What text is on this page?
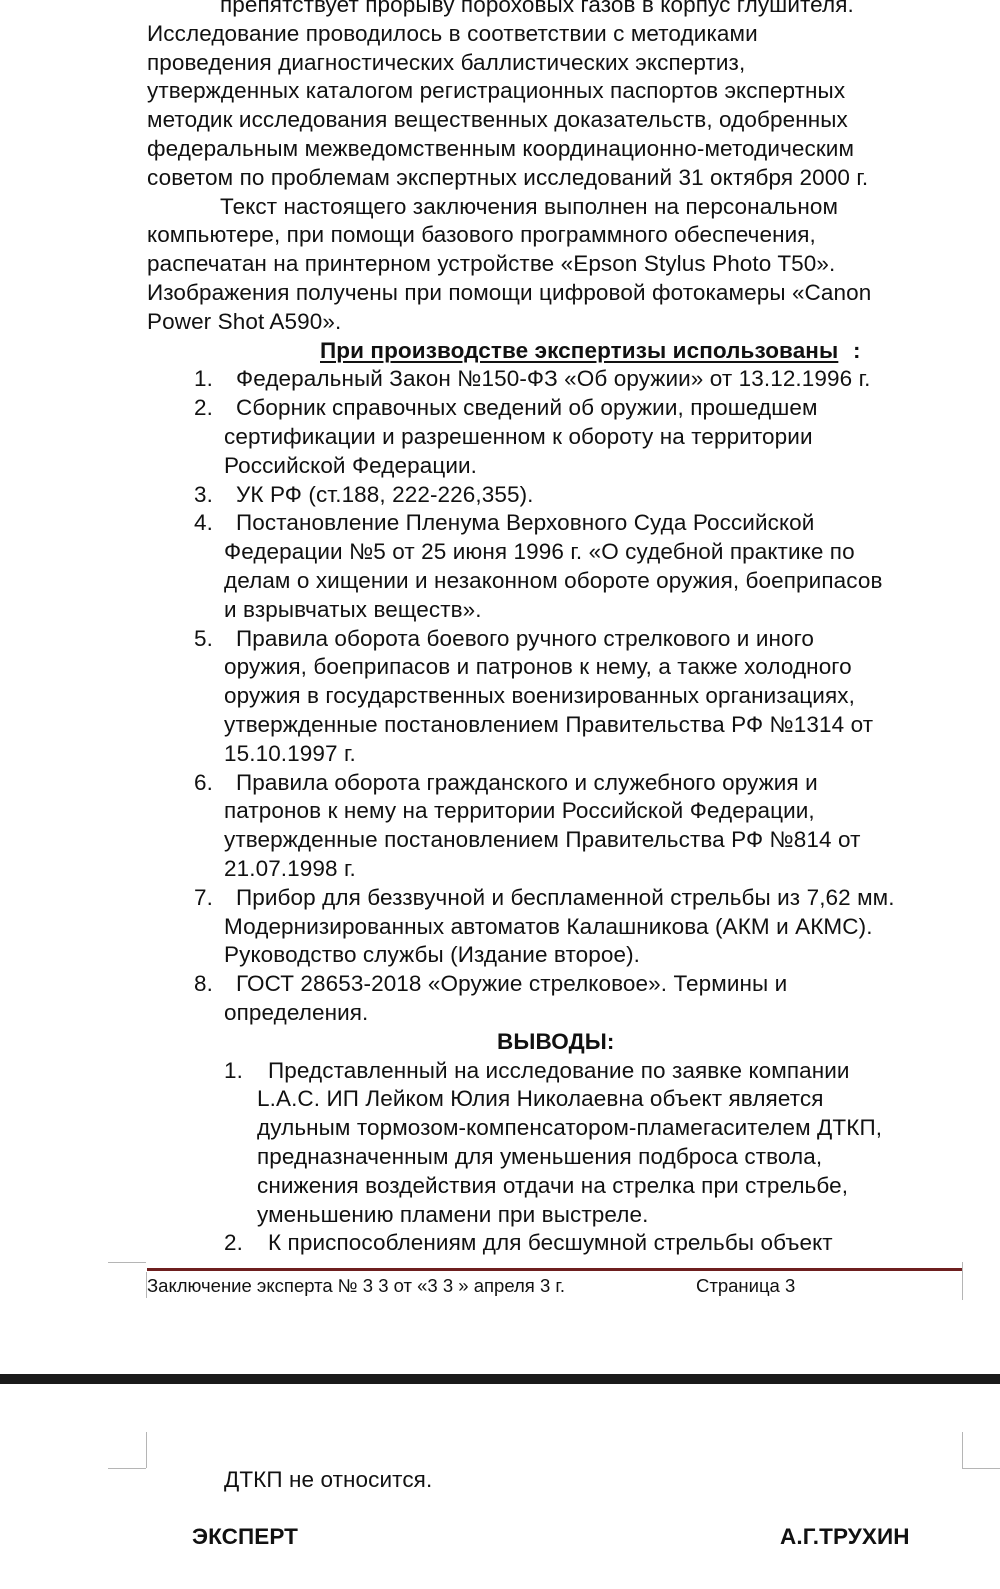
препятствует прорыву пороховых газов в корпус глушителя.
Исследование проводилось в соответствии с методиками
проведения диагностических баллистических экспертиз,
утвержденных каталогом регистрационных паспортов экспертных
методик исследования вещественных доказательств, одобренных
федеральным межведомственным координационно-методическим
советом по проблемам экспертных исследований 31 октября 2000 г.
Текст настоящего заключения выполнен на персональном
компьютере, при помощи базового программного обеспечения,
распечатан на принтерном устройстве «Epson Stylus Photo T50».
Изображения получены при помощи цифровой фотокамеры «Canon
Power Shot A590».
При производстве экспертизы использованы :
1. Федеральный Закон №150-ФЗ «Об оружии» от 13.12.1996 г.
2. Сборник справочных сведений об оружии, прошедшем
сертификации и разрешенном к обороту на территории
Российской Федерации.
3. УК РФ (ст.188, 222-226,355).
4. Постановление Пленума Верховного Суда Российской
Федерации №5 от 25 июня 1996 г. «О судебной практике по
делам о хищении и незаконном обороте оружия, боеприпасов
и взрывчатых веществ».
5. Правила оборота боевого ручного стрелкового и иного
оружия, боеприпасов и патронов к нему, а также холодного
оружия в государственных военизированных организациях,
утвержденные постановлением Правительства РФ №1314 от
15.10.1997 г.
6. Правила оборота гражданского и служебного оружия и
патронов к нему на территории Российской Федерации,
утвержденные постановлением Правительства РФ №814 от
21.07.1998 г.
7. Прибор для беззвучной и беспламенной стрельбы из 7,62 мм.
Модернизированных автоматов Калашникова (АКМ и АКМС).
Руководство службы (Издание второе).
8. ГОСТ 28653-2018 «Оружие стрелковое». Термины и
определения.
ВЫВОДЫ:
1. Представленный на исследование по заявке компании
L.A.C. ИП Лейком Юлия Николаевна объект является
дульным тормозом-компенсатором-пламегасителем ДТКП,
предназначенным для уменьшения подброса ствола,
снижения воздействия отдачи на стрелка при стрельбе,
уменьшению пламени при выстреле.
2. К приспособлениям для бесшумной стрельбы объект
Заключение эксперта № 3 3 от «3 3 » апреля 3 г.	Страница 3
ДТКП не относится.
ЭКСПЕРТ	А.Г.ТРУХИН
